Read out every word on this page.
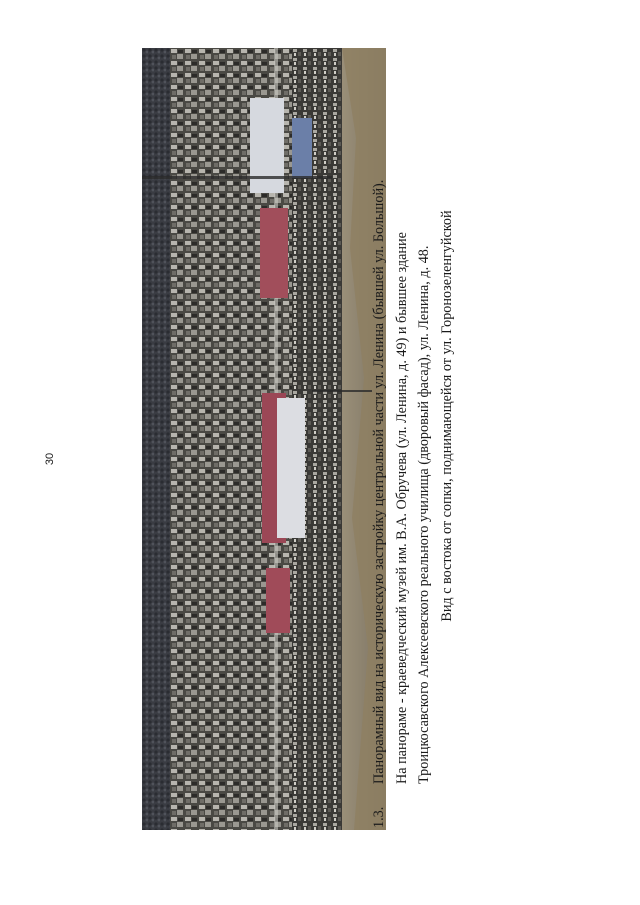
30
1.3.
Панорамный вид на историческую застройку центральной части ул. Ленина (бывшей ул. Большой). На панораме - краеведческий музей им. В.А. Обручева (ул. Ленина, д. 49) и бывшее здание Троицкосавского Алексеевского реального училища (дворовый фасад), ул. Ленина, д. 48. Вид с востока от сопки, поднимающейся от ул. Горонозеленгуйской
